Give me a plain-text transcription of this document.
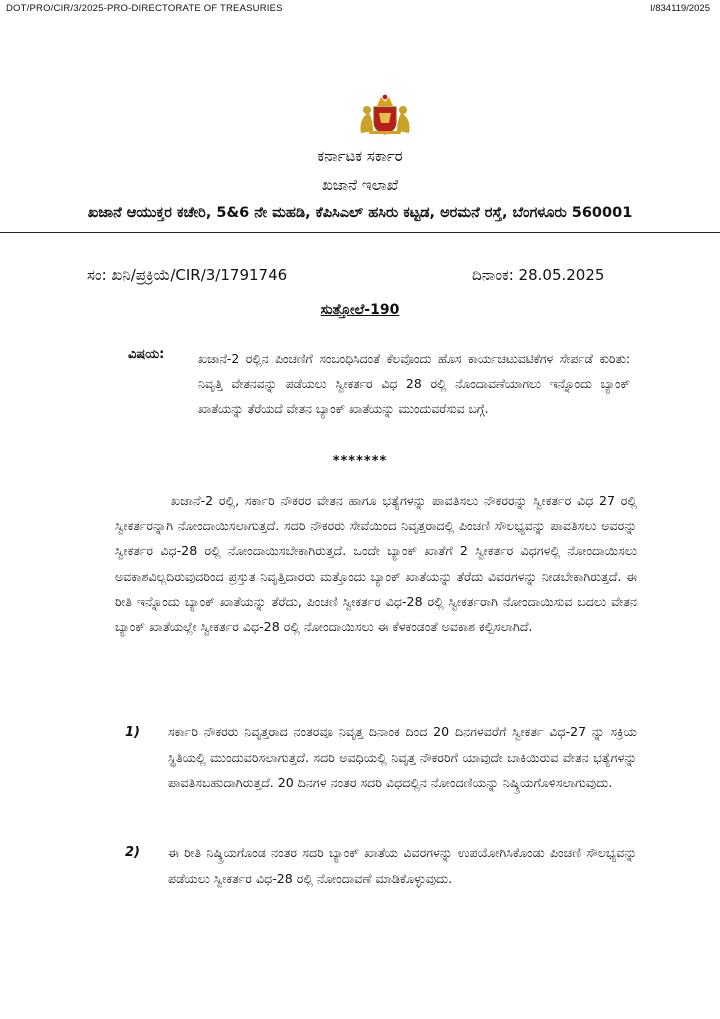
DOT/PRO/CIR/3/2025-PRO-DIRECTORATE OF TREASURIES	I/834119/2025
ಕರ್ನಾಟಕ ಸರ್ಕಾರ
ಖಜಾನೆ ಇಲಾಖೆ
ಖಜಾನೆ ಆಯುಕ್ತರ ಕಚೇರಿ, 5&6 ನೇ ಮಹಡಿ, ಕೆಪಿಸಿಎಲ್ ಹಸಿರು ಕಟ್ಟಡ, ಅರಮನೆ ರಸ್ತೆ, ಬೆಂಗಳೂರು 560001
ಸಂ: ಖನಿ/ಪ್ರಕ್ರಿಯೆ/CIR/3/1791746	ದಿನಾಂಕ: 28.05.2025
ಸುತ್ತೋಲೆ-190
ವಿಷಯ:	ಖಜಾನೆ-2 ರಲ್ಲಿನ ಪಿಂಚಣಿಗೆ ಸಂಬಂಧಿಸಿದಂತೆ ಕೆಲವೊಂದು ಹೊಸ ಕಾರ್ಯಚಟುವಟಿಕೆಗಳ ಸೇರ್ಪಡೆ ಕುರಿತು: ನಿವೃತ್ತಿ ವೇತನವನ್ನು ಪಡೆಯಲು ಸ್ವೀಕರ್ತರ ವಿಧ 28 ರಲ್ಲಿ ನೊಂದಾವಣೆಯಾಗಲು ಇನ್ನೊಂದು ಬ್ಯಾಂಕ್ ಖಾತೆಯನ್ನು ತೆರೆಯದೆ ವೇತನ ಬ್ಯಾಂಕ್ ಖಾತೆಯನ್ನು ಮುಂದುವರೆಸುವ ಬಗ್ಗೆ.
*******
ಖಜಾನೆ-2 ರಲ್ಲಿ, ಸರ್ಕಾರಿ ನೌಕರರ ವೇತನ ಹಾಗೂ ಭತ್ಯೆಗಳನ್ನು ಪಾವತಿಸಲು ನೌಕರರನ್ನು ಸ್ವೀಕರ್ತರ ವಿಧ 27 ರಲ್ಲಿ ಸ್ವೀಕರ್ತರನ್ನಾಗಿ ನೋಂದಾಯಿಸಲಾಗುತ್ತದೆ. ಸದರಿ ನೌಕರರು ಸೇವೆಯಿಂದ ನಿವೃತ್ತರಾದಲ್ಲಿ ಪಿಂಚಣಿ ಸೌಲಭ್ಯವನ್ನು ಪಾವತಿಸಲು ಅವರನ್ನು ಸ್ವೀಕರ್ತರ ವಿಧ-28 ರಲ್ಲಿ ನೋಂದಾಯಿಸಬೇಕಾಗಿರುತ್ತದೆ. ಒಂದೇ ಬ್ಯಾಂಕ್ ಖಾತೆಗೆ 2 ಸ್ವೀಕರ್ತರ ವಿಧಗಳಲ್ಲಿ ನೋಂದಾಯಿಸಲು ಅವಕಾಶವಿಲ್ಲದಿರುವುದರಿಂದ ಪ್ರಸ್ತುತ ನಿವೃತ್ತಿದಾರರು ಮತ್ತೊಂದು ಬ್ಯಾಂಕ್ ಖಾತೆಯನ್ನು ತೆರೆದು ವಿವರಗಳನ್ನು ನೀಡಬೇಕಾಗಿರುತ್ತದೆ. ಈ ರೀತಿ ಇನ್ನೊಂದು ಬ್ಯಾಂಕ್ ಖಾತೆಯನ್ನು ತೆರೆದು, ಪಿಂಚಣಿ ಸ್ವೀಕರ್ತರ ವಿಧ-28 ರಲ್ಲಿ ಸ್ವೀಕರ್ತರಾಗಿ ನೋಂದಾಯಿಸುವ ಬದಲು ವೇತನ ಬ್ಯಾಂಕ್ ಖಾತೆಯಲ್ಲೇ ಸ್ವೀಕರ್ತರ ವಿಧ-28 ರಲ್ಲಿ ನೋಂದಾಯಿಸಲು ಈ ಕೆಳಕಂಡಂತೆ ಅವಕಾಶ ಕಲ್ಪಿಸಲಾಗಿದೆ.
1) ಸರ್ಕಾರಿ ನೌಕರರು ನಿವೃತ್ತರಾದ ನಂತರವೂ ನಿವೃತ್ತ ದಿನಾಂಕ ದಿಂದ 20 ದಿನಗಳವರೆಗೆ ಸ್ವೀಕರ್ತ ವಿಧ-27 ನ್ನು ಸಕ್ರಿಯ ಸ್ಥಿತಿಯಲ್ಲಿ ಮುಂದುವರಿಸಲಾಗುತ್ತದೆ. ಸದರಿ ಅವಧಿಯಲ್ಲಿ ನಿವೃತ್ತ ನೌಕರರಿಗೆ ಯಾವುದೇ ಬಾಕಿಯಿರುವ ವೇತನ ಭತ್ಯೆಗಳನ್ನು ಪಾವತಿಸಬಹುದಾಗಿರುತ್ತದೆ. 20 ದಿನಗಳ ನಂತರ ಸದರಿ ವಿಧದಲ್ಲಿನ ನೋಂದಣಿಯನ್ನು ನಿಷ್ಕ್ರಿಯಗೊಳಿಸಲಾಗುವುದು.
2) ಈ ರೀತಿ ನಿಷ್ಕ್ರಿಯಗೊಂಡ ನಂತರ ಸದರಿ ಬ್ಯಾಂಕ್ ಖಾತೆಯ ವಿವರಗಳನ್ನು ಉಪಯೋಗಿಸಿಕೊಂಡು ಪಿಂಚಣಿ ಸೌಲಭ್ಯವನ್ನು ಪಡೆಯಲು ಸ್ವೀಕರ್ತರ ವಿಧ-28 ರಲ್ಲಿ ನೋಂದಾವಣೆ ಮಾಡಿಕೊಳ್ಳುವುದು.
